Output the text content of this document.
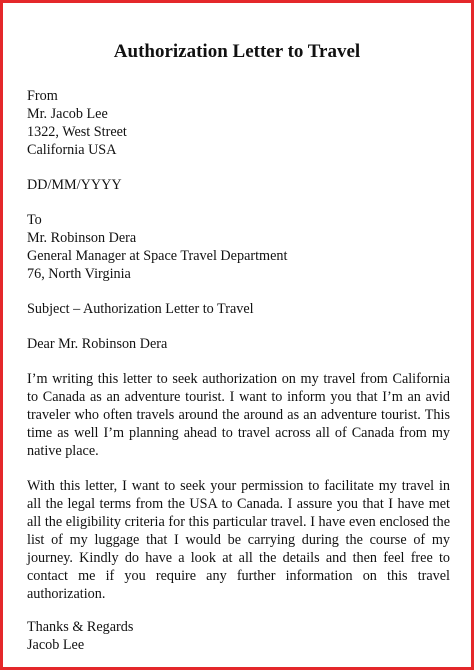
Authorization Letter to Travel
From
Mr. Jacob Lee
1322, West Street
California USA
DD/MM/YYYY
To
Mr. Robinson Dera
General Manager at Space Travel Department
76, North Virginia
Subject – Authorization Letter to Travel
Dear Mr. Robinson Dera

I’m writing this letter to seek authorization on my travel from California to Canada as an adventure tourist. I want to inform you that I’m an avid traveler who often travels around the around as an adventure tourist. This time as well I’m planning ahead to travel across all of Canada from my native place.

With this letter, I want to seek your permission to facilitate my travel in all the legal terms from the USA to Canada. I assure you that I have met all the eligibility criteria for this particular travel. I have even enclosed the list of my luggage that I would be carrying during the course of my journey. Kindly do have a look at all the details and then feel free to contact me if you require any further information on this travel authorization.

Thanks & Regards
Jacob Lee
